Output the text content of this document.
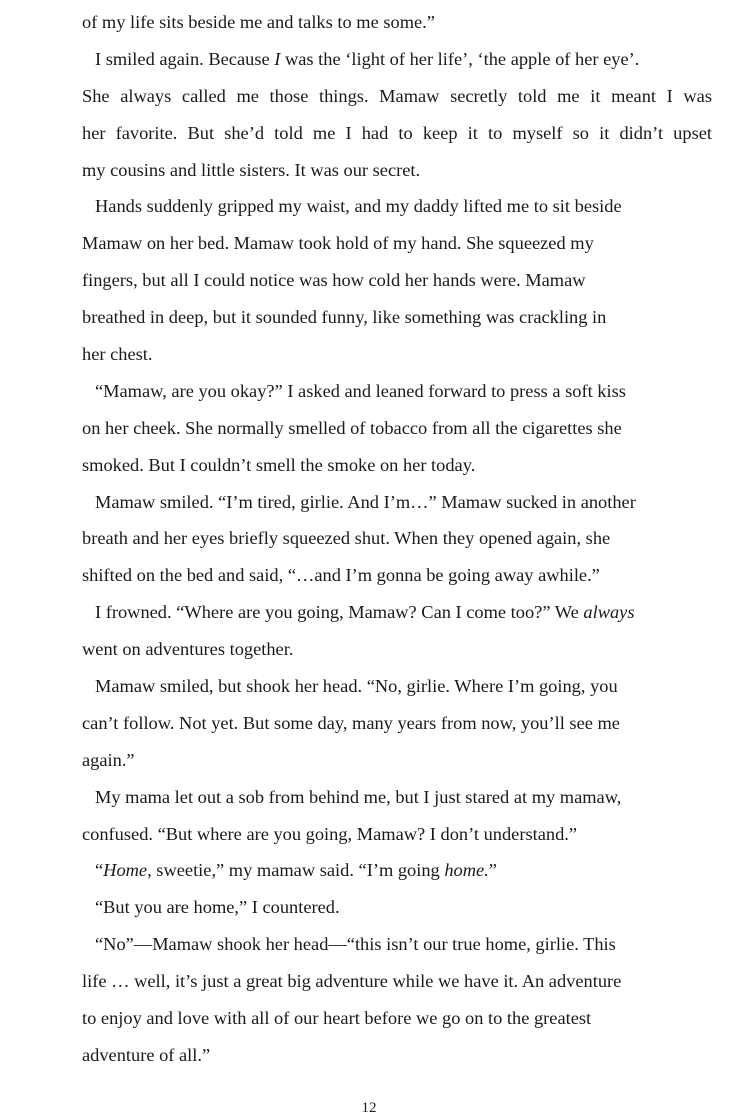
of my life sits beside me and talks to me some.”
I smiled again. Because I was the ‘light of her life’, ‘the apple of her eye’.
She always called me those things. Mamaw secretly told me it meant I was
her favorite. But she’d told me I had to keep it to myself so it didn’t upset
my cousins and little sisters. It was our secret.
Hands suddenly gripped my waist, and my daddy lifted me to sit beside
Mamaw on her bed. Mamaw took hold of my hand. She squeezed my
fingers, but all I could notice was how cold her hands were. Mamaw
breathed in deep, but it sounded funny, like something was crackling in
her chest.
“Mamaw, are you okay?” I asked and leaned forward to press a soft kiss
on her cheek. She normally smelled of tobacco from all the cigarettes she
smoked. But I couldn’t smell the smoke on her today.
Mamaw smiled. “I’m tired, girlie. And I’m…” Mamaw sucked in another
breath and her eyes briefly squeezed shut. When they opened again, she
shifted on the bed and said, “…and I’m gonna be going away awhile.”
I frowned. “Where are you going, Mamaw? Can I come too?” We always
went on adventures together.
Mamaw smiled, but shook her head. “No, girlie. Where I’m going, you
can’t follow. Not yet. But some day, many years from now, you’ll see me
again.”
My mama let out a sob from behind me, but I just stared at my mamaw,
confused. “But where are you going, Mamaw? I don’t understand.”
“Home, sweetie,” my mamaw said. “I’m going home.”
“But you are home,” I countered.
“No”—Mamaw shook her head—“this isn’t our true home, girlie. This
life … well, it’s just a great big adventure while we have it. An adventure
to enjoy and love with all of our heart before we go on to the greatest
adventure of all.”
12
